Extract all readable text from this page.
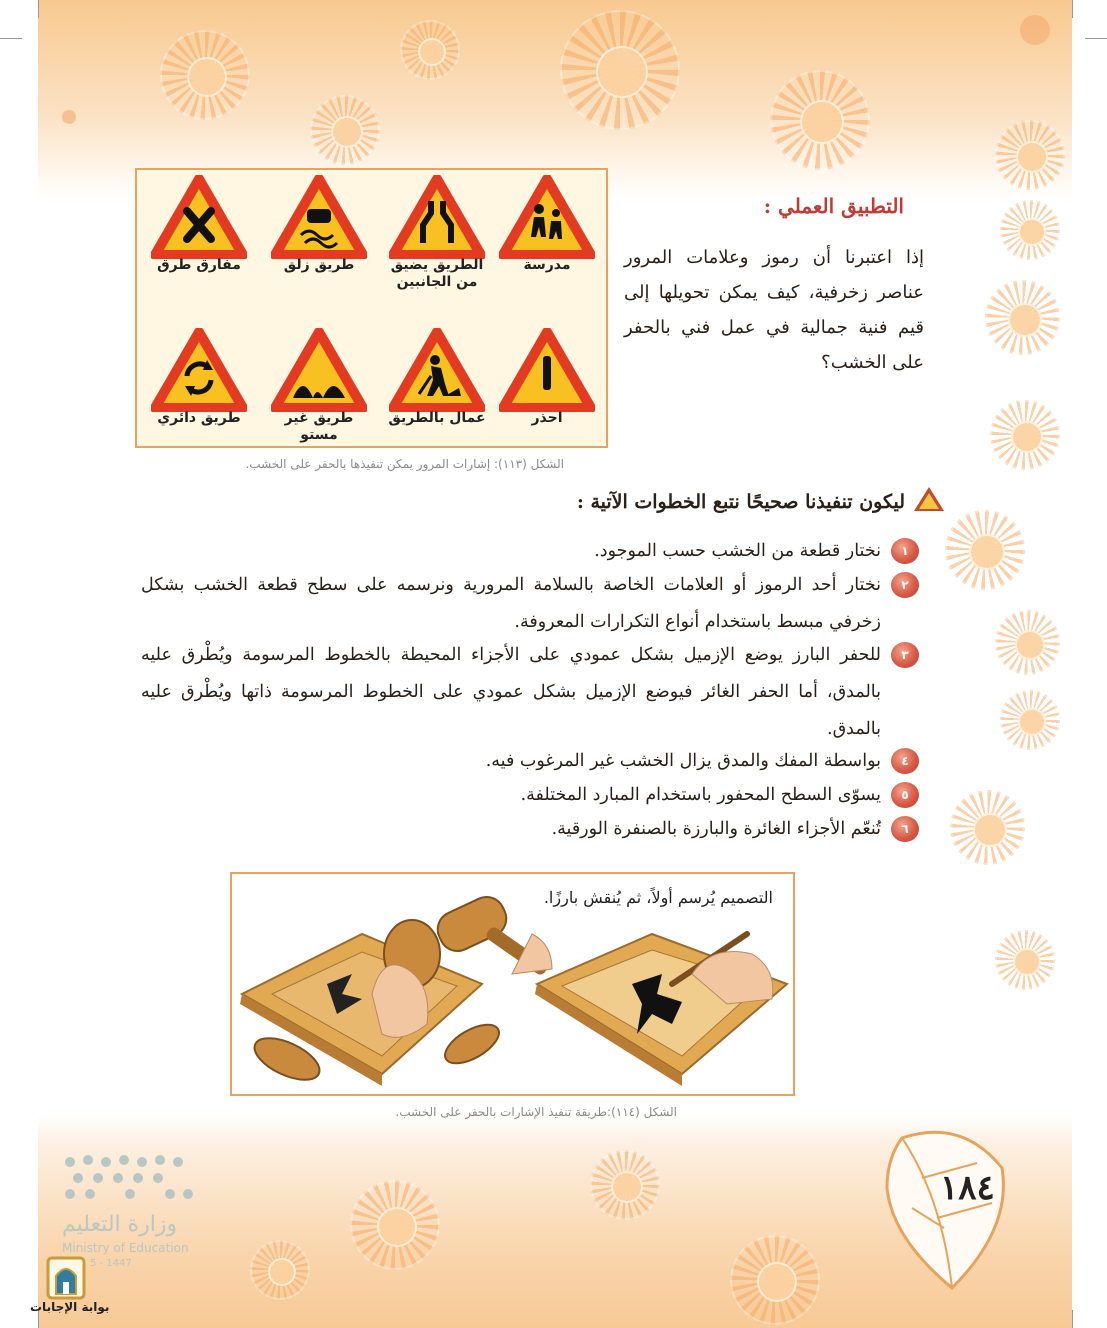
مدرسة
الطريق يضيق من الجانبين
طريق زلق
مفارق طرق
احذر
عمال بالطريق
طريق غير مستو
طريق دائري
الشكل (١١٣): إشارات المرور يمكن تنفيذها بالحفر على الخشب.
التطبيق العملي :
إذا اعتبرنا أن رموز وعلامات المرور عناصر زخرفية، كيف يمكن تحويلها إلى قيم فنية جمالية في عمل فني بالحفر على الخشب؟
ليكون تنفيذنا صحيحًا نتبع الخطوات الآتية :
١
نختار قطعة من الخشب حسب الموجود.
٢
نختار أحد الرموز أو العلامات الخاصة بالسلامة المرورية ونرسمه على سطح قطعة الخشب بشكل زخرفي مبسط باستخدام أنواع التكرارات المعروفة.
٣
للحفر البارز يوضع الإزميل بشكل عمودي على الأجزاء المحيطة بالخطوط المرسومة ويُطْرق عليه بالمدق، أما الحفر الغائر فيوضع الإزميل بشكل عمودي على الخطوط المرسومة ذاتها ويُطْرق عليه بالمدق.
٤
بواسطة المفك والمدق يزال الخشب غير المرغوب فيه.
٥
يسوّى السطح المحفور باستخدام المبارد المختلفة.
٦
تُنعّم الأجزاء الغائرة والبارزة بالصنفرة الورقية.
التصميم يُرسم أولاً، ثم يُنقش بارزًا.
الشكل (١١٤):طريقة تنفيذ الإشارات بالحفر على الخشب.
١٨٤
وزارة التعليم
Ministry of Education
5 - 1447
بوابة الإجابات
